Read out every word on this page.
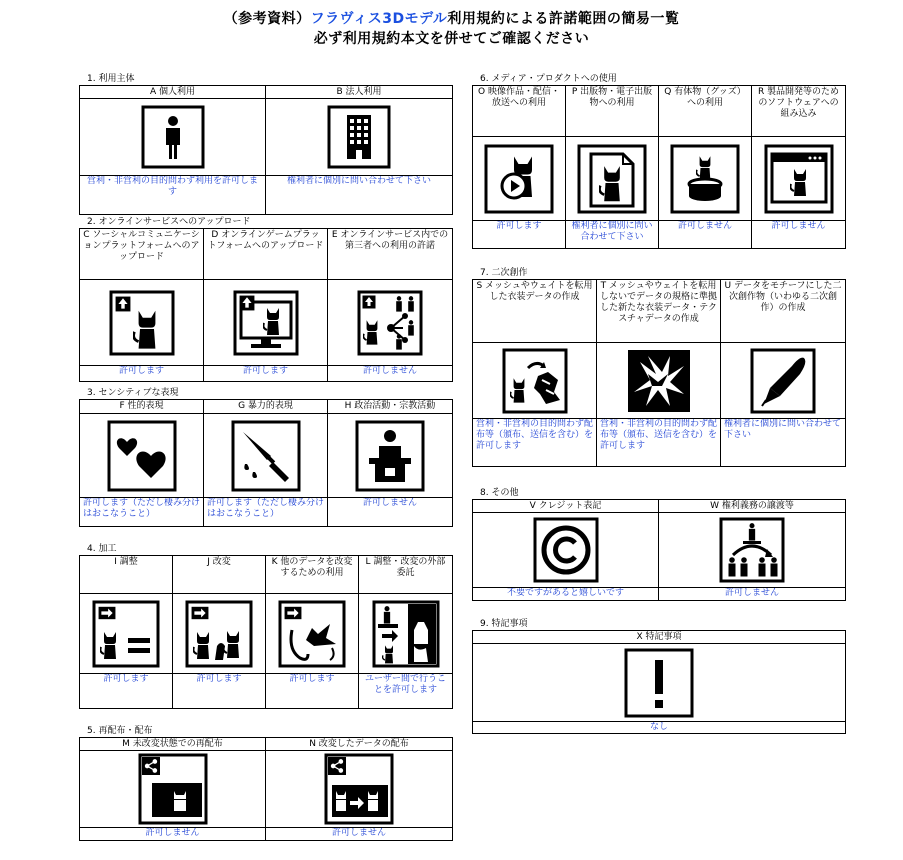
（参考資料）フラヴィス3Dモデル利用規約による許諾範囲の簡易一覧
必ず利用規約本文を併せてご確認ください
1. 利用主体
A 個人利用
営利・非営利の目的問わず利用を許可します
B 法人利用
権利者に個別に問い合わせて下さい
2. オンラインサービスへのアップロード
C ソーシャルコミュニケーションプラットフォームへのアップロード
許可します
D オンラインゲームプラットフォームへのアップロード
許可します
E オンラインサービス内での第三者への利用の許諾
許可しません
3. センシティブな表現
F 性的表現
許可します（ただし棲み分けはおこなうこと）
G 暴力的表現
許可します（ただし棲み分けはおこなうこと）
H 政治活動・宗教活動
許可しません
4. 加工
I 調整
許可します
J 改変
許可します
K 他のデータを改変するための利用
許可します
L 調整・改変の外部委託
ユーザー間で行うことを許可します
5. 再配布・配布
M 未改変状態での再配布
許可しません
N 改変したデータの配布
許可しません
6. メディア・プロダクトへの使用
O 映像作品・配信・放送への利用
許可します
P 出版物・電子出版物への利用
権利者に個別に問い合わせて下さい
Q 有体物（グッズ）への利用
許可しません
R 製品開発等のためのソフトウェアへの組み込み
許可しません
7. 二次創作
S メッシュやウェイトを転用した衣装データの作成
営利・非営利の目的問わず配布等（頒布、送信を含む）を許可します
T メッシュやウェイトを転用しないでデータの規格に準拠した新たな衣装データ・テクスチャデータの作成
営利・非営利の目的問わず配布等（頒布、送信を含む）を許可します
U データをモチーフにした二次創作物（いわゆる二次創作）の作成
権利者に個別に問い合わせて下さい
8. その他
V クレジット表記
不要ですがあると嬉しいです
W 権利義務の譲渡等
許可しません
9. 特記事項
X 特記事項
なし
